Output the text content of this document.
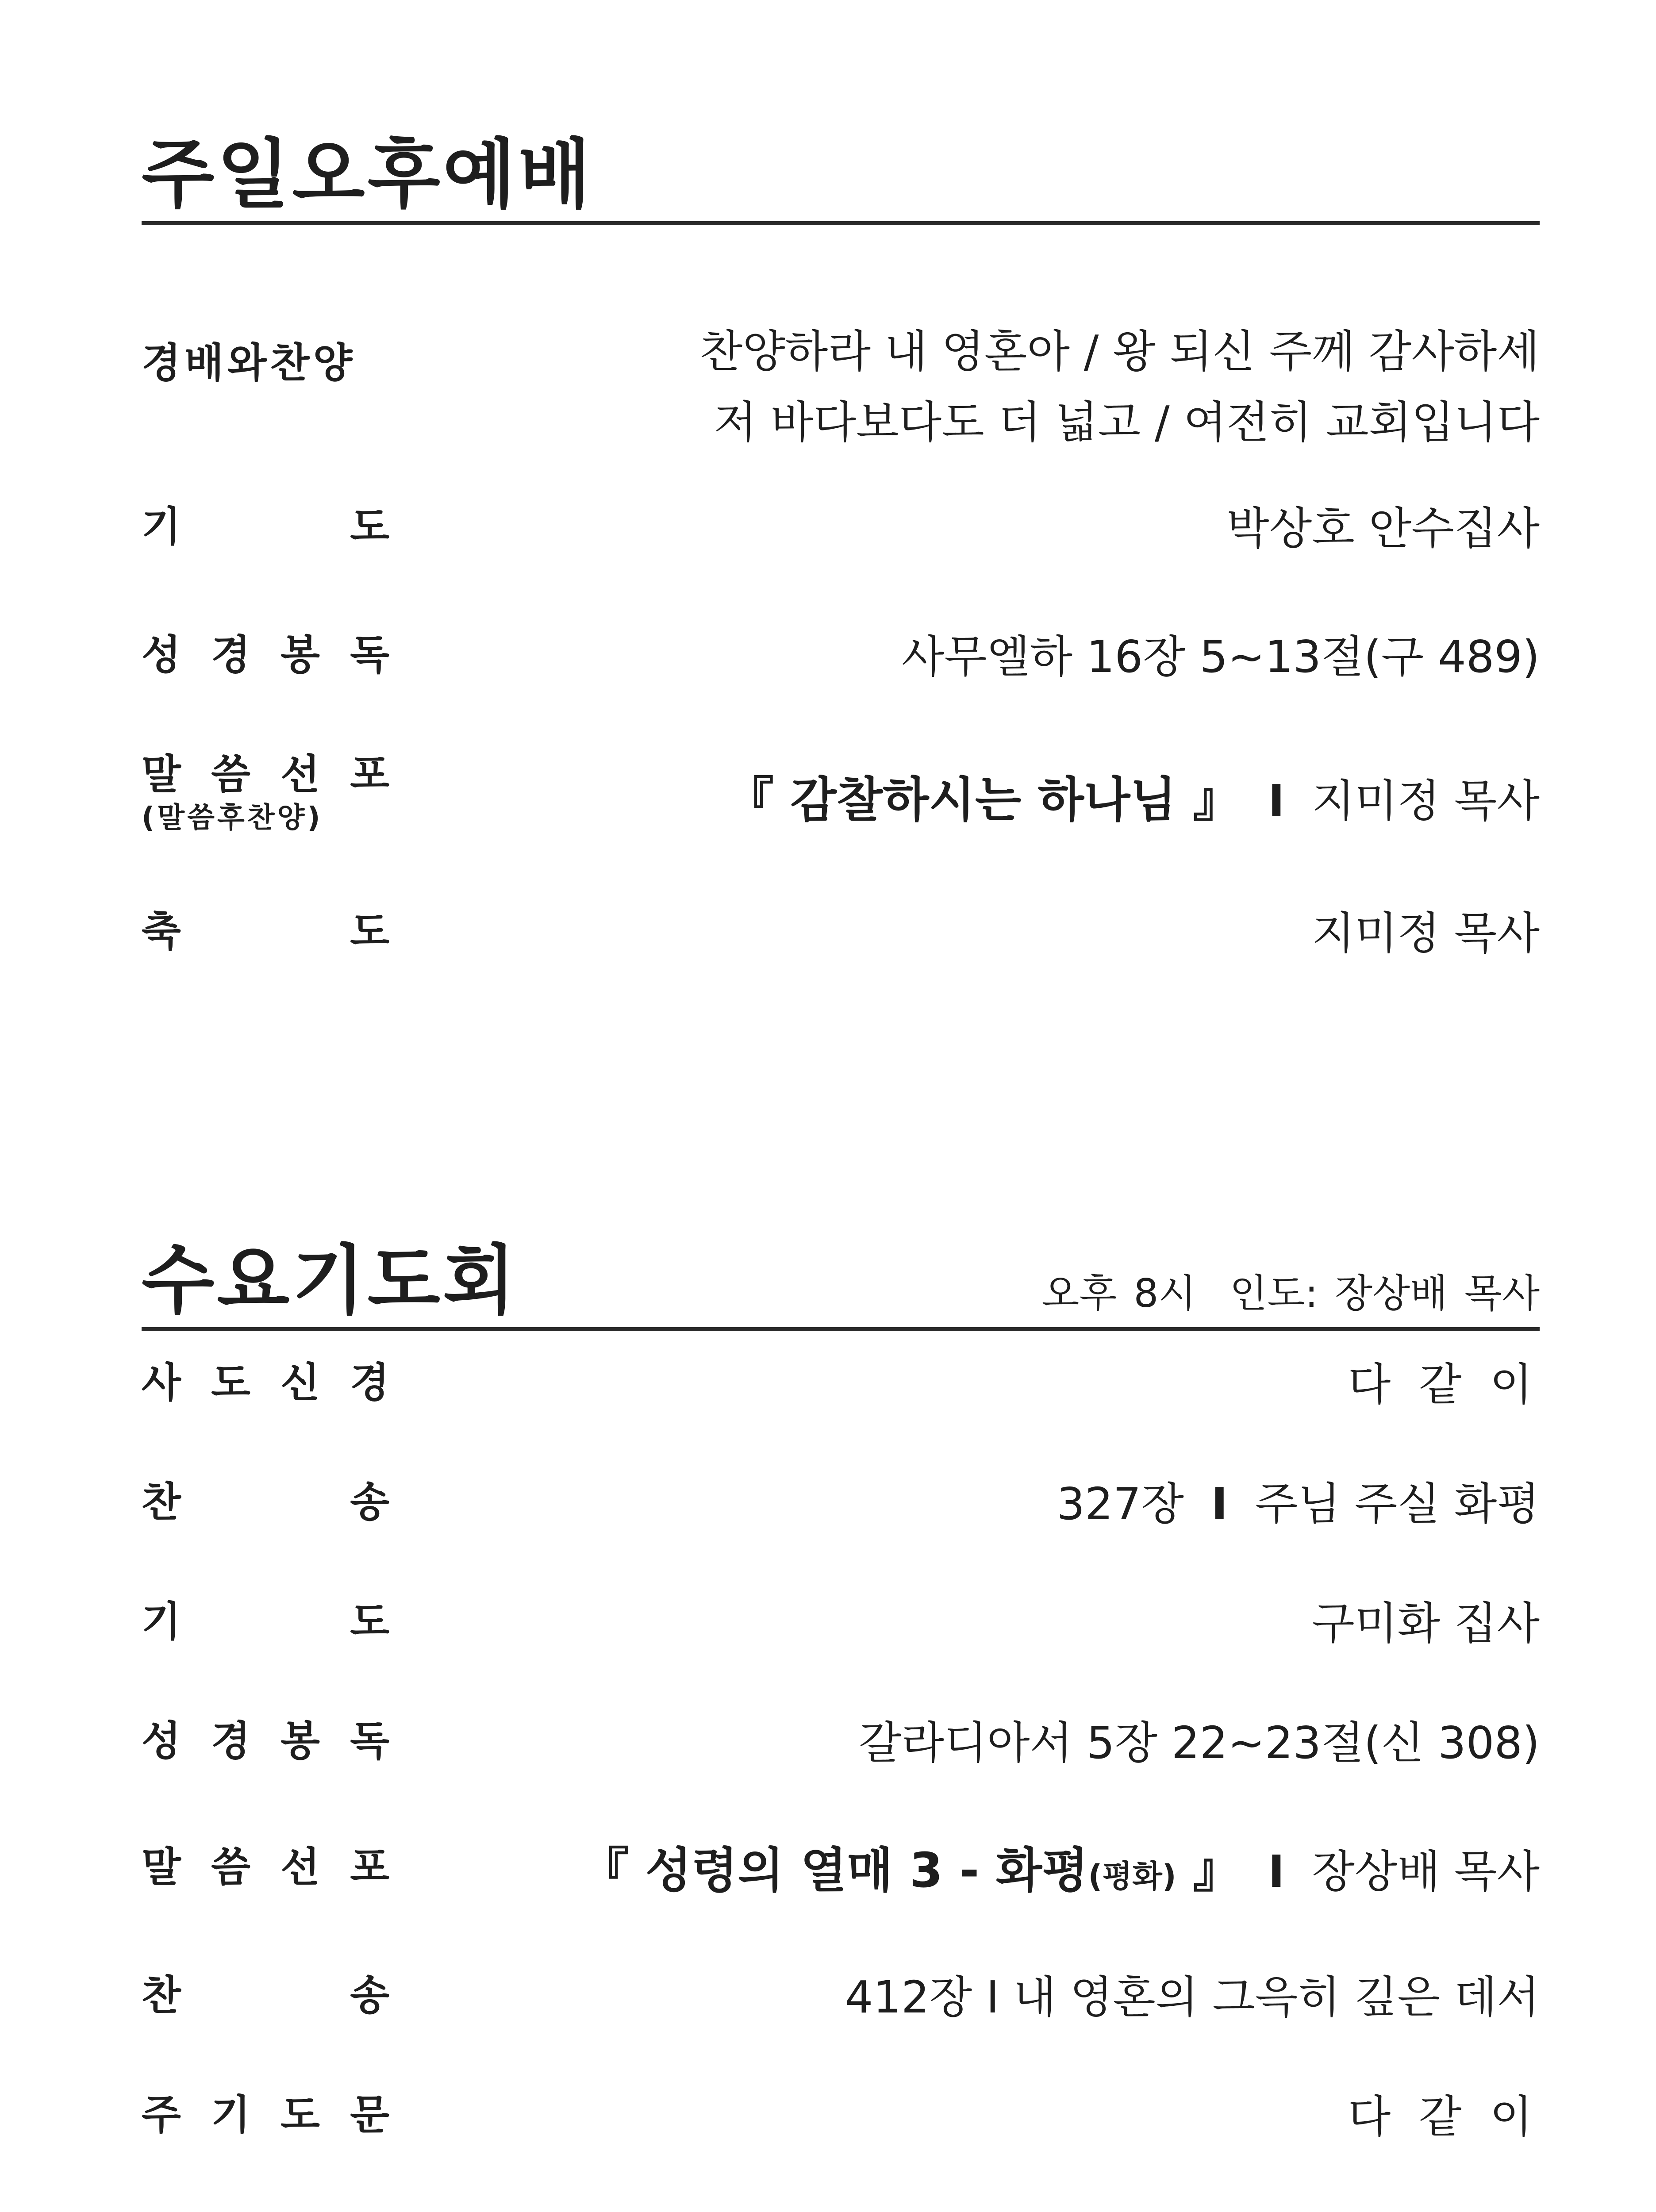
주일오후예배
경배와찬양	찬양하라 내 영혼아 / 왕 되신 주께 감사하세
저 바다보다도 더 넓고 / 여전히 교회입니다
기	도	박상호 안수집사
성 경 봉 독	사무엘하 16장 5~13절(구 489)
말 씀 선 포
(말씀후찬양)	『 감찰하시는 하나님 』 I 지미정 목사
축	도	지미정 목사
수요기도회	오후 8시  인도: 장상배 목사
사 도 신 경	다 같 이
찬	송	327장 I 주님 주실 화평
기	도	구미화 집사
성 경 봉 독	갈라디아서 5장 22~23절(신 308)
말 씀 선 포	『 성령의 열매 3 - 화평(평화) 』 I 장상배 목사
찬	송	412장 I 내 영혼의 그윽히 깊은 데서
주 기 도 문	다 같 이
